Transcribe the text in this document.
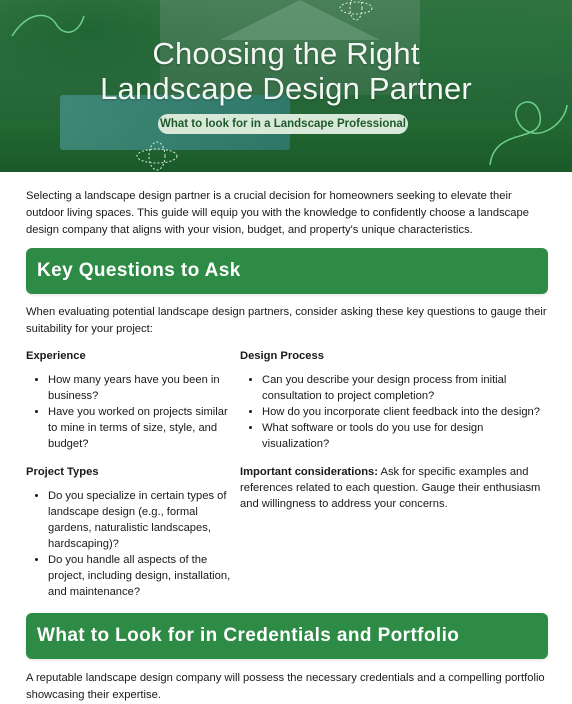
Choosing the Right
Landscape Design Partner
What to look for in a Landscape Professional

Selecting a landscape design partner is a crucial decision for homeowners seeking to elevate their outdoor living spaces. This guide will equip you with the knowledge to confidently choose a landscape design company that aligns with your vision, budget, and property's unique characteristics.

Key Questions to Ask

When evaluating potential landscape design partners, consider asking these key questions to gauge their suitability for your project:

Experience
• How many years have you been in business?
• Have you worked on projects similar to mine in terms of size, style, and budget?
Project Types
• Do you specialize in certain types of landscape design (e.g., formal gardens, naturalistic landscapes, hardscaping)?
• Do you handle all aspects of the project, including design, installation, and maintenance?
Design Process
• Can you describe your design process from initial consultation to project completion?
• How do you incorporate client feedback into the design?
• What software or tools do you use for design visualization?

Important considerations: Ask for specific examples and references related to each question. Gauge their enthusiasm and willingness to address your concerns.

What to Look for in Credentials and Portfolio

A reputable landscape design company will possess the necessary credentials and a compelling portfolio showcasing their expertise.
